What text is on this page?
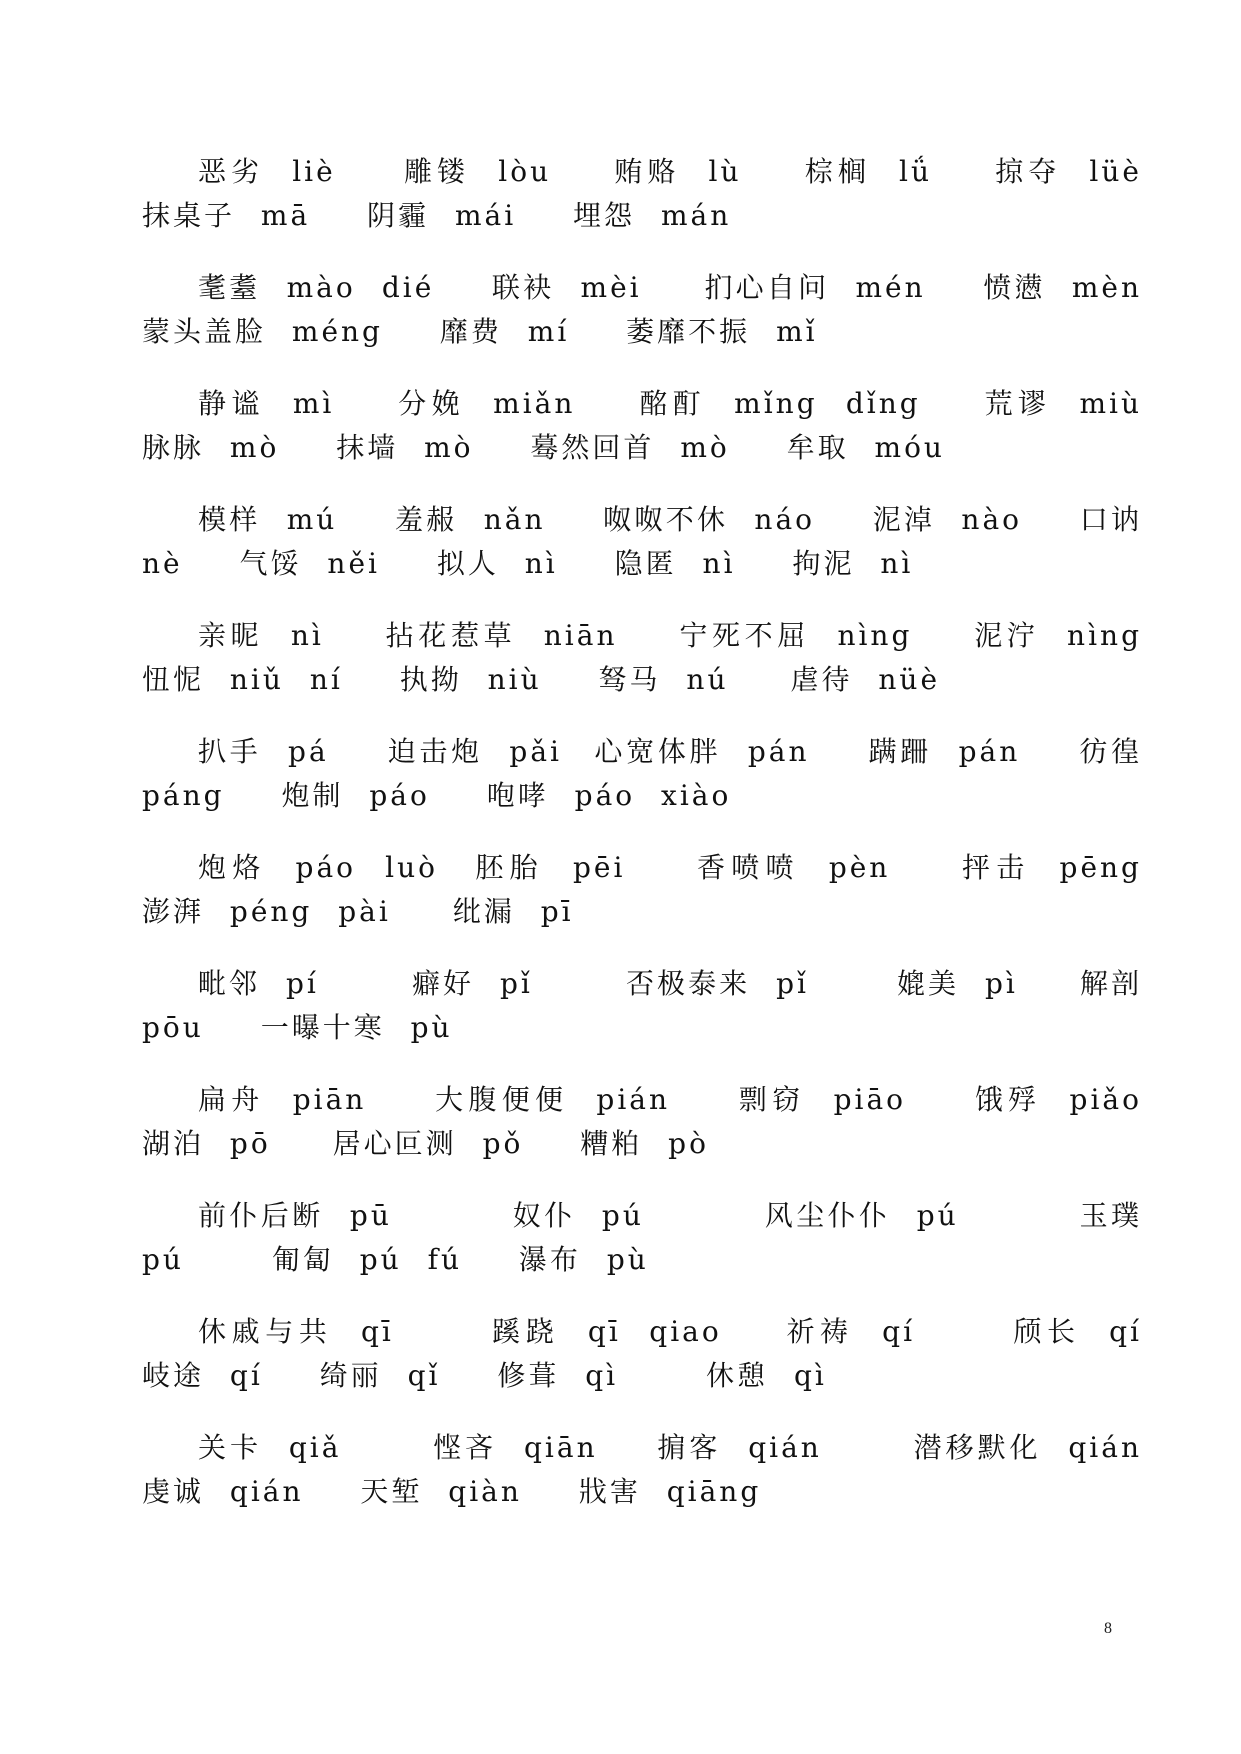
恶劣 liè　　雕镂 lòu　 贿赂 lù　 棕榈 lǘ　 掠夺 lüè　 抹桌子 mā　 阴霾 mái　 埋怨 mán

耄耋 mào dié　 联袂 mèi　　扪心自问 mén　 愤懑 mèn　 蒙头盖脸 méng　 靡费 mí　 萎靡不振 mǐ

静谧 mì　 分娩 miǎn　 酩酊 mǐng dǐng　 荒谬 miù　 脉脉 mò　 抹墙 mò　 蓦然回首 mò　 牟取 móu

模样 mú　 羞赧 nǎn　 呶呶不休 náo　 泥淖 nào　 口讷 nè　 气馁 něi　 拟人 nì　 隐匿 nì　 拘泥 nì

亲昵 nì　 拈花惹草 niān　 宁死不屈 nìng　 泥泞 nìng　 忸怩 niǔ ní　 执拗 niù　 驽马 nú　　虐待 nüè

扒手 pá　 迫击炮 pǎi　心宽体胖 pán　 蹒跚 pán　 彷徨 páng　 炮制 páo　 咆哮 páo xiào

炮烙 páo luò　胚胎 pēi　　香喷喷 pèn　　抨击 pēng　 澎湃 péng pài　　纰漏 pī

毗邻 pí　　　癖好 pǐ　　　否极泰来 pǐ　　 媲美 pì　　解剖 pōu　 一曝十寒 pù

扁舟 piān　　大腹便便 pián　　剽窃 piāo　　饿殍 piǎo　　湖泊 pō　　居心叵测 pǒ　 糟粕 pò

前仆后断 pū　　　 奴仆 pú　　　 风尘仆仆 pú　　　 玉璞 pú　　 匍匐 pú fú　 瀑布 pù

休戚与共 qī　　 蹊跷 qī qiao　 祈祷 qí　　 颀长 qí　 岐途 qí　 绮丽 qǐ　 修葺 qì　　 休憩 qì

关卡 qiǎ　　 悭吝 qiān　 掮客 qián　　 潜移默化 qián　 虔诚 qián　 天堑 qiàn　 戕害 qiāng

8
